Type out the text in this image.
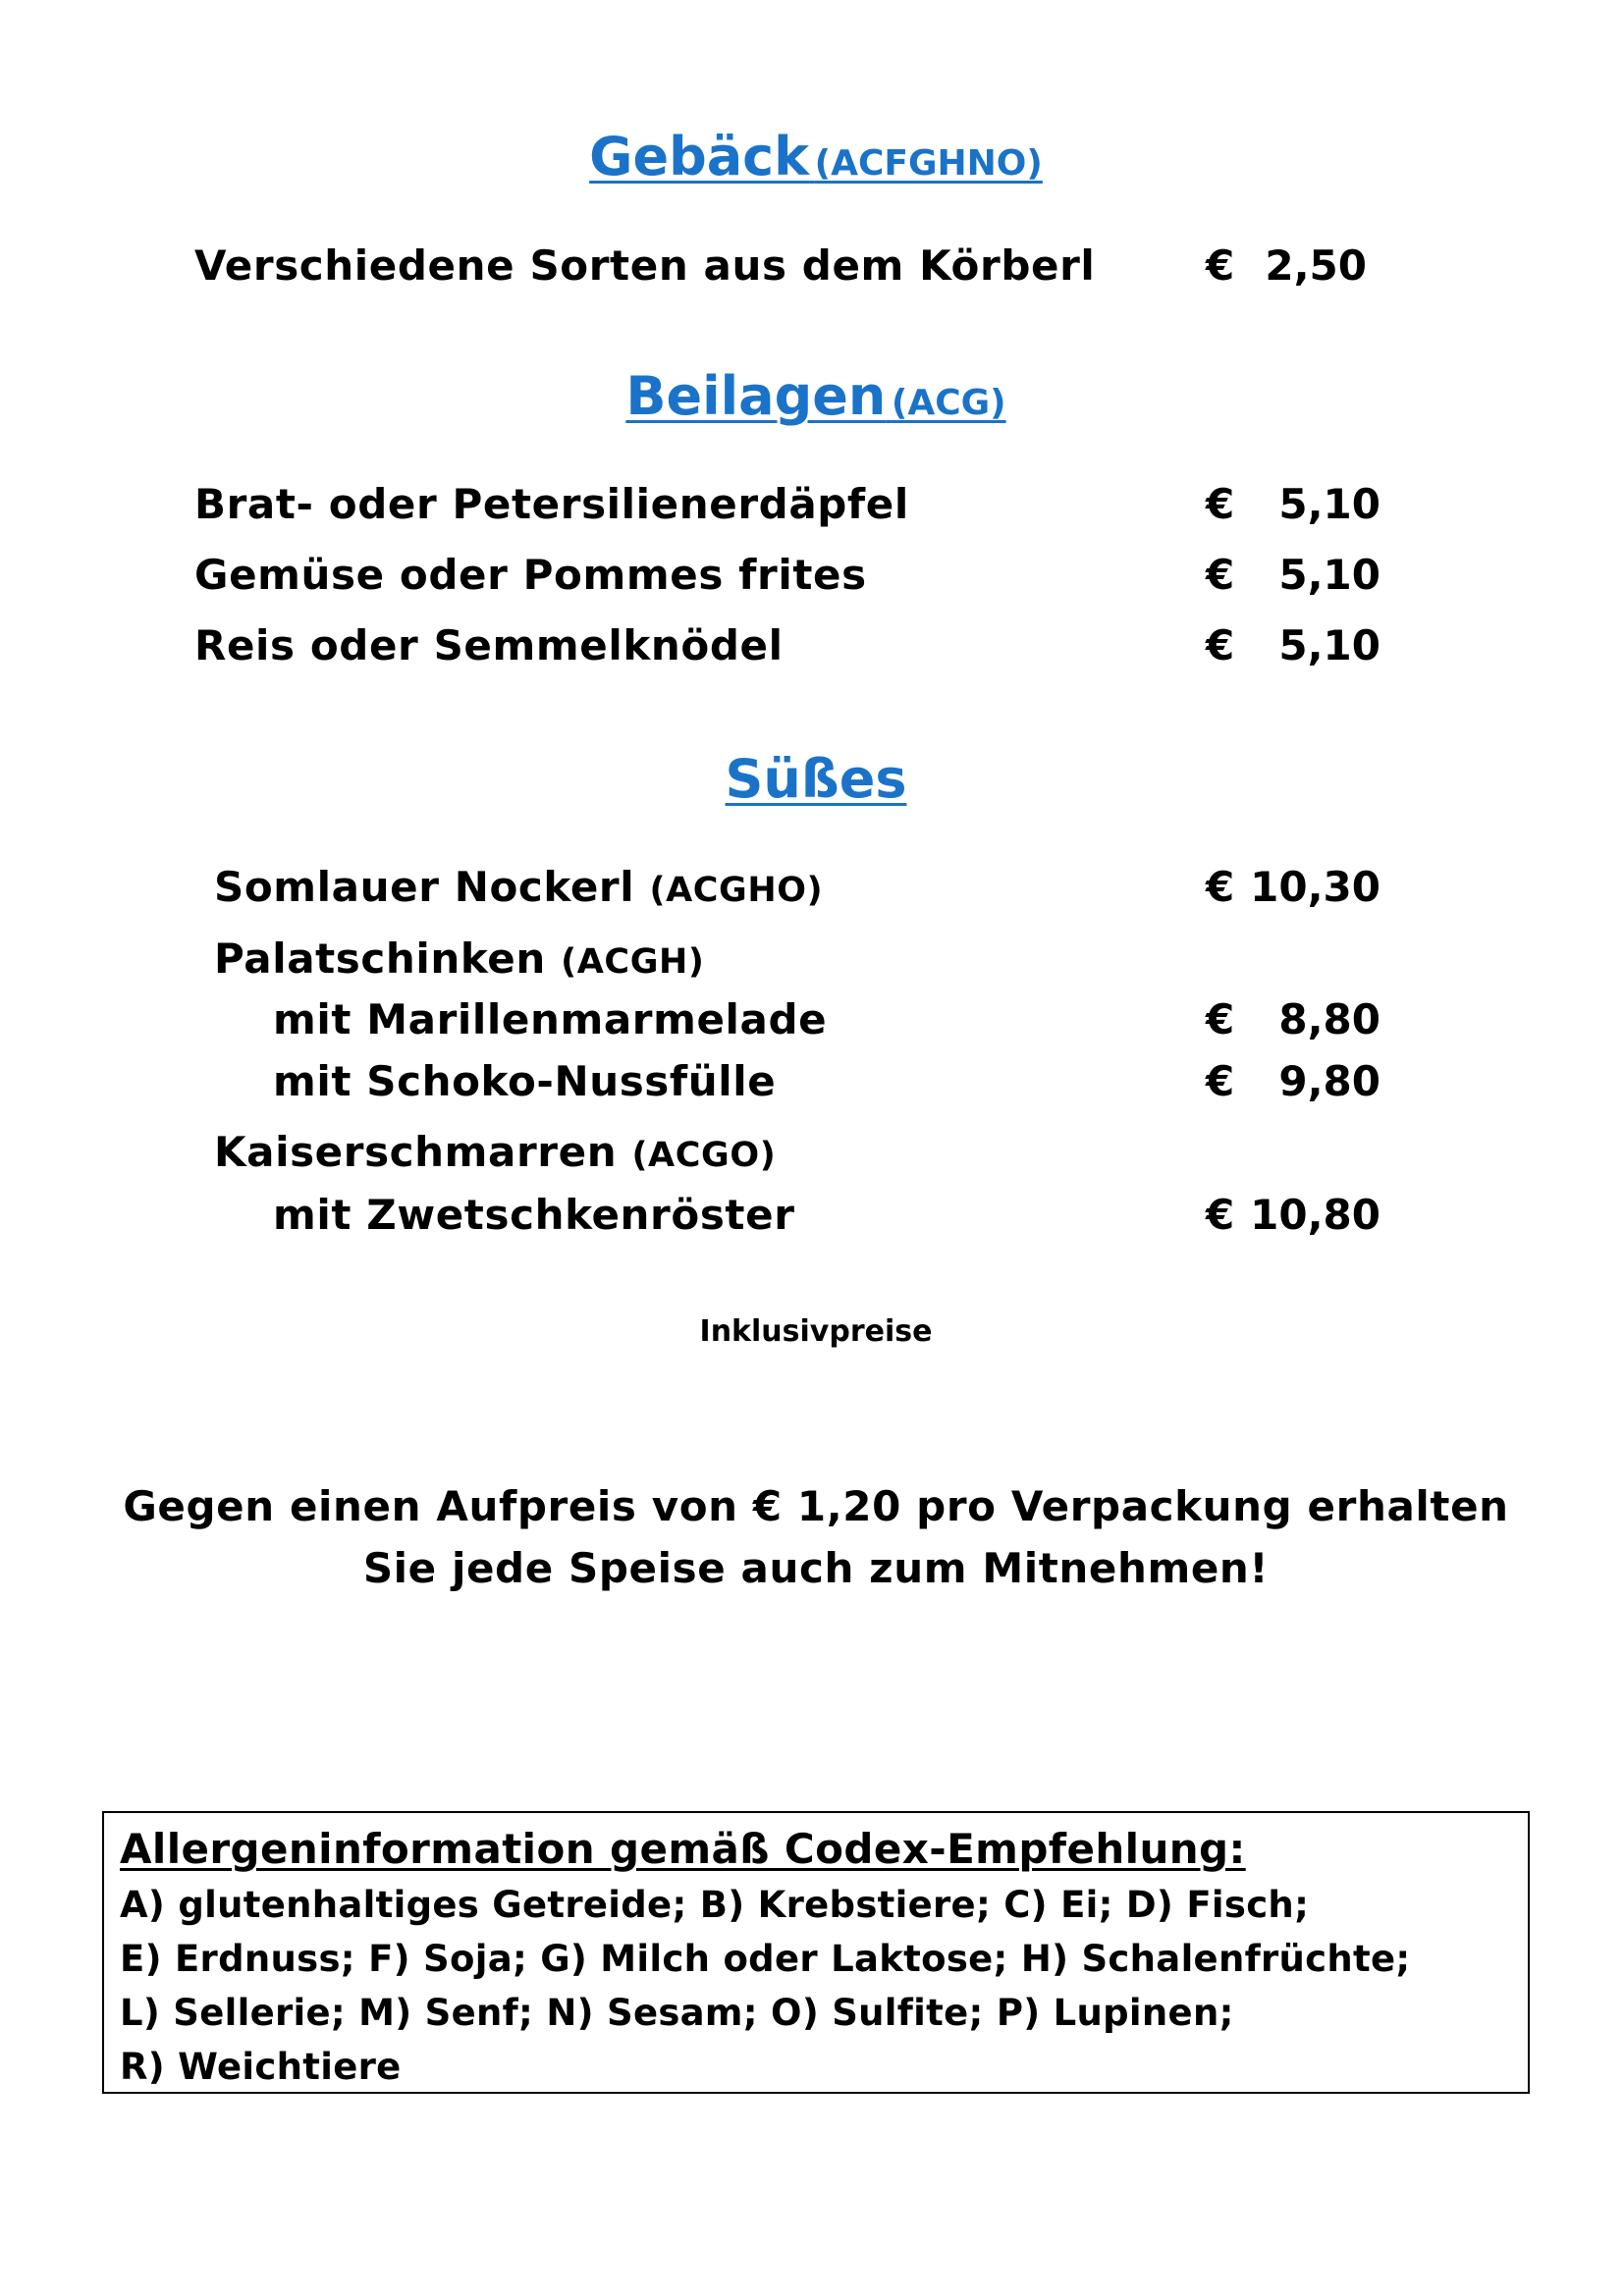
Gebäck (ACFGHNO)
Verschiedene Sorten aus dem Körberl	€ 2,50
Beilagen (ACG)
Brat- oder Petersilienerdäpfel	€ 5,10
Gemüse oder Pommes frites	€ 5,10
Reis oder Semmelknödel	€ 5,10
Süßes
Somlauer Nockerl (ACGHO)	€ 10,30
Palatschinken (ACGH)
mit Marillenmarmelade	€ 8,80
mit Schoko-Nussfülle	€ 9,80
Kaiserschmarren (ACGO)
mit Zwetschkenröster	€ 10,80
Inklusivpreise
Gegen einen Aufpreis von € 1,20 pro Verpackung erhalten
Sie jede Speise auch zum Mitnehmen!
Allergeninformation gemäß Codex-Empfehlung:
A) glutenhaltiges Getreide; B) Krebstiere; C) Ei; D) Fisch;
E) Erdnuss; F) Soja; G) Milch oder Laktose; H) Schalenfrüchte;
L) Sellerie; M) Senf; N) Sesam; O) Sulfite; P) Lupinen;
R) Weichtiere
